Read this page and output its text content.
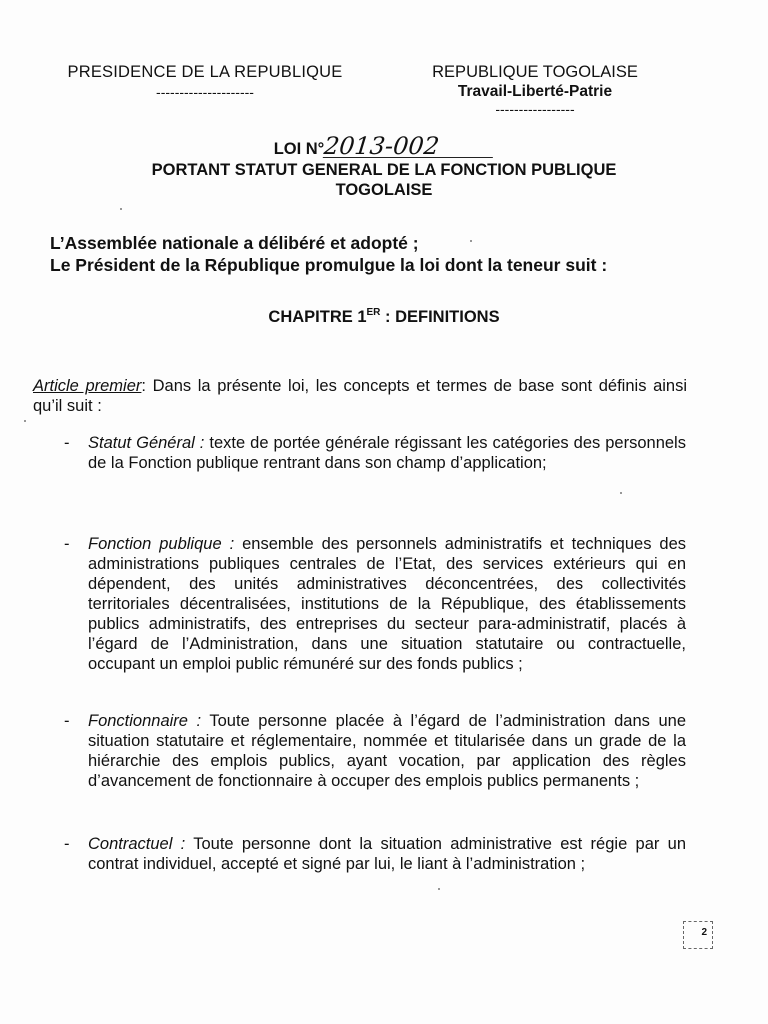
PRESIDENCE DE LA REPUBLIQUE
---------------------
REPUBLIQUE TOGOLAISE
Travail-Liberté-Patrie
-----------------
LOI N°2013-002
PORTANT STATUT GENERAL DE LA FONCTION PUBLIQUE
TOGOLAISE
L’Assemblée nationale a délibéré et adopté ;
Le Président de la République promulgue la loi dont la teneur suit :
CHAPITRE 1ER : DEFINITIONS
Article premier: Dans la présente loi, les concepts et termes de base sont définis ainsi qu’il suit :
-	Statut Général : texte de portée générale régissant les catégories des personnels de la Fonction publique rentrant dans son champ d’application;
-	Fonction publique : ensemble des personnels administratifs et techniques des administrations publiques centrales de l’Etat, des services extérieurs qui en dépendent, des unités administratives déconcentrées, des collectivités territoriales décentralisées, institutions de la République, des établissements publics administratifs, des entreprises du secteur para-administratif, placés à l’égard de l’Administration, dans une situation statutaire ou contractuelle, occupant un emploi public rémunéré sur des fonds publics ;
-	Fonctionnaire : Toute personne placée à l’égard de l’administration dans une situation statutaire et réglementaire, nommée et titularisée dans un grade de la hiérarchie des emplois publics, ayant vocation, par application des règles d’avancement de fonctionnaire à occuper des emplois publics permanents ;
-	Contractuel : Toute personne dont la situation administrative est régie par un contrat individuel, accepté et signé par lui, le liant à l’administration ;
2
